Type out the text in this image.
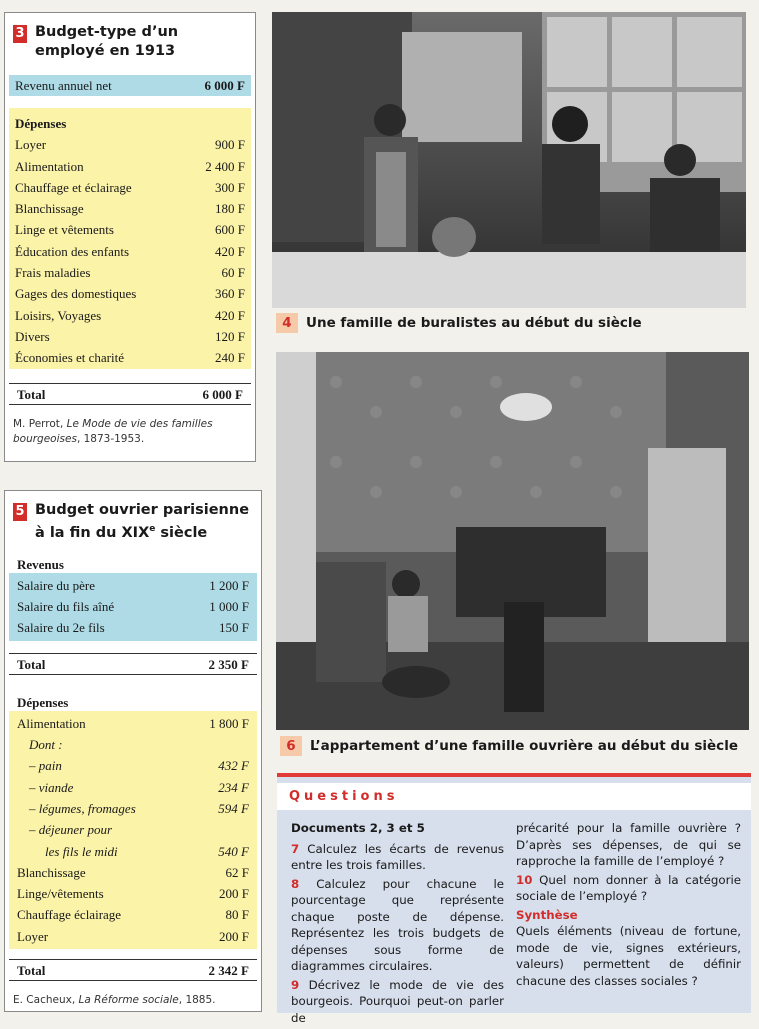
3 Budget-type d’un employé en 1913
Revenu annuel net	6 000 F
Dépenses
Loyer	900 F
Alimentation	2 400 F
Chauffage et éclairage	300 F
Blanchissage	180 F
Linge et vêtements	600 F
Éducation des enfants	420 F
Frais maladies	60 F
Gages des domestiques	360 F
Loisirs, Voyages	420 F
Divers	120 F
Économies et charité	240 F
Total	6 000 F
M. Perrot, Le Mode de vie des familles bourgeoises, 1873-1953.
5 Budget ouvrier parisienne
à la fin du XIXe siècle
Revenus
Salaire du père	1 200 F
Salaire du fils aîné	1 000 F
Salaire du 2e fils	150 F
Total	2 350 F
Dépenses
Alimentation	1 800 F
Dont :
– pain	432 F
– viande	234 F
– légumes, fromages	594 F
– déjeuner pour
les fils le midi	540 F
Blanchissage	62 F
Linge/vêtements	200 F
Chauffage éclairage	80 F
Loyer	200 F
Total	2 342 F
E. Cacheux, La Réforme sociale, 1885.
4	Une famille de buralistes au début du siècle
6	L’appartement d’une famille ouvrière au début du siècle
Questions
Documents 2, 3 et 5

7 Calculez les écarts de revenus entre les trois familles.

8 Calculez pour chacune le pourcentage que représente chaque poste de dépense. Représentez les trois budgets de dépenses sous forme de diagrammes circulaires.

9 Décrivez le mode de vie des bourgeois. Pourquoi peut-on parler de

précarité pour la famille ouvrière ? D’après ses dépenses, de qui se rapproche la famille de l’employé ?

10 Quel nom donner à la catégorie sociale de l’employé ?

Synthèse

Quels éléments (niveau de fortune, mode de vie, signes extérieurs, valeurs) permettent de définir chacune des classes sociales ?
